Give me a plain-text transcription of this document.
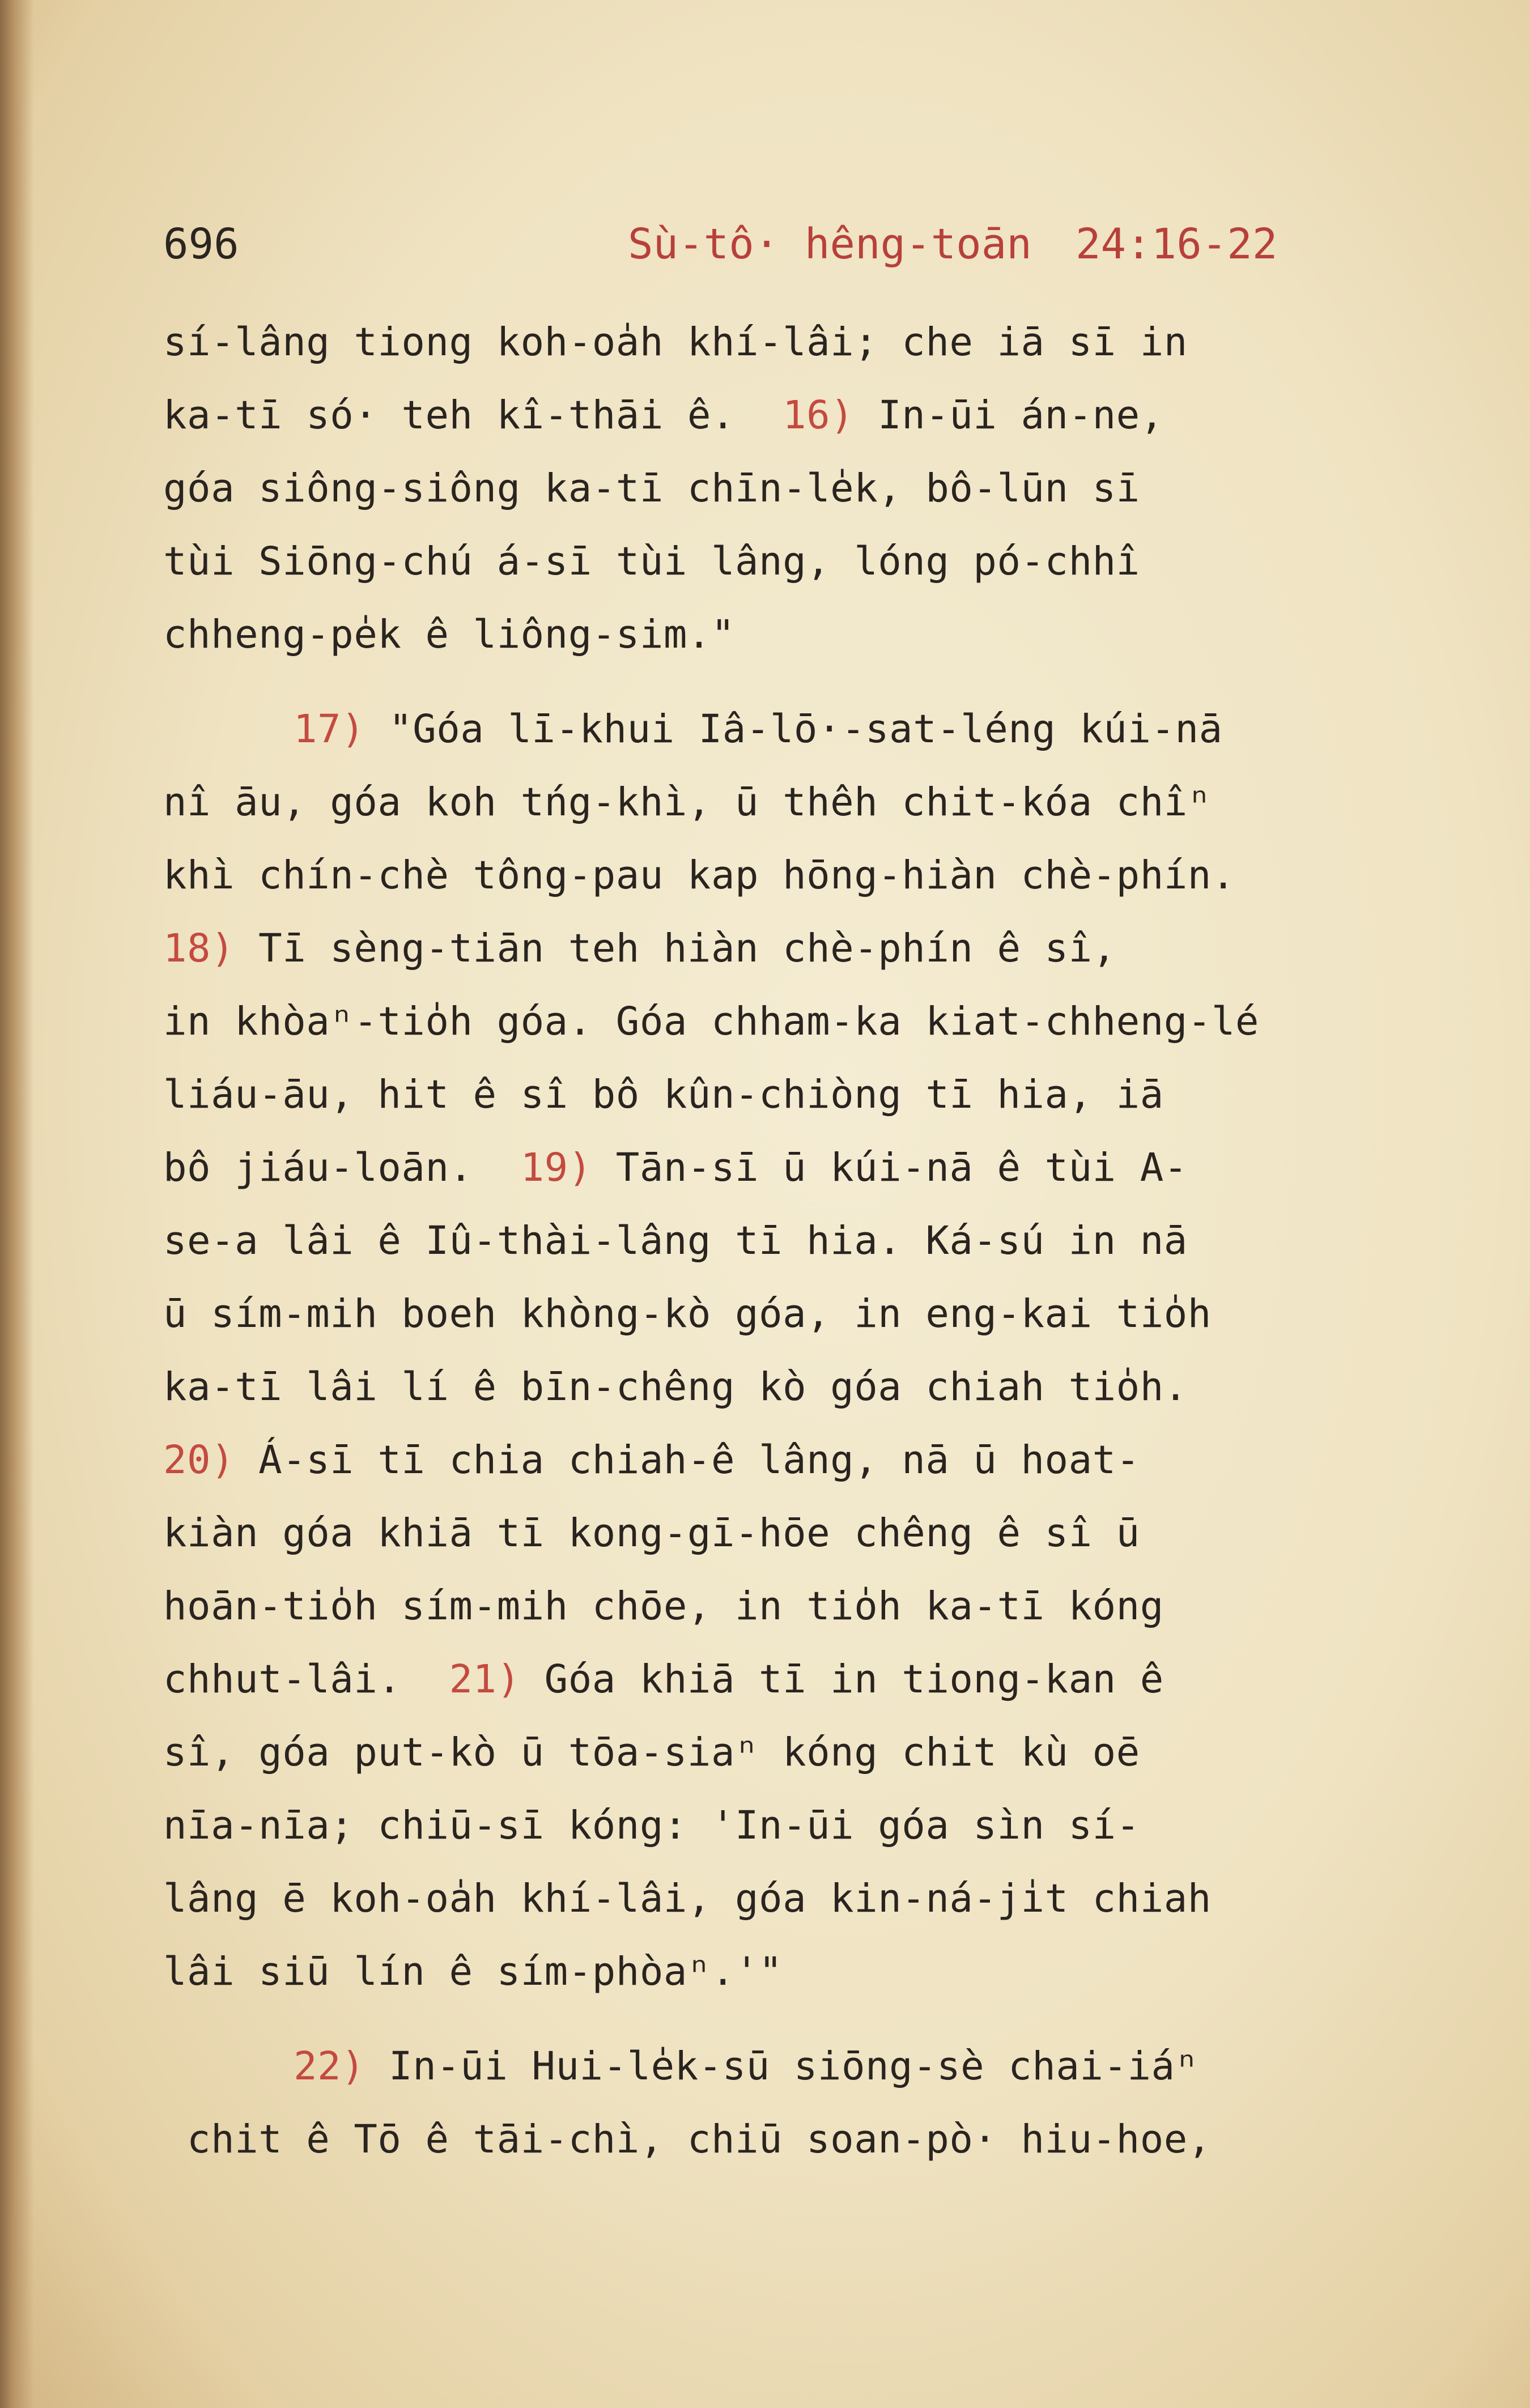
696	Sù-tô· hêng-toān 24:16-22
sí-lâng tiong koh-oa̍h khí-lâi; che iā sī in
ka-tī só· teh kî-thāi ê.  16) In-ūi án-ne,
góa siông-siông ka-tī chīn-le̍k, bô-lūn sī
tùi Siōng-chú á-sī tùi lâng, lóng pó-chhî
chheng-pe̍k ê liông-sim."
17) "Góa lī-khui Iâ-lō·-sat-léng kúi-nā
nî āu, góa koh tńg-khì, ū thêh chit-kóa chîⁿ
khì chín-chè tông-pau kap hōng-hiàn chè-phín.
18) Tī sèng-tiān teh hiàn chè-phín ê sî,
in khòaⁿ-tio̍h góa. Góa chham-ka kiat-chheng-lé
liáu-āu, hit ê sî bô kûn-chiòng tī hia, iā
bô jiáu-loān.  19) Tān-sī ū kúi-nā ê tùi A-
se-a lâi ê Iû-thài-lâng tī hia. Ká-sú in nā
ū sím-mih boeh khòng-kò góa, in eng-kai tio̍h
ka-tī lâi lí ê bīn-chêng kò góa chiah tio̍h.
20) Á-sī tī chia chiah-ê lâng, nā ū hoat-
kiàn góa khiā tī kong-gī-hōe chêng ê sî ū
hoān-tio̍h sím-mih chōe, in tio̍h ka-tī kóng
chhut-lâi.  21) Góa khiā tī in tiong-kan ê
sî, góa put-kò ū tōa-siaⁿ kóng chit kù oē
nīa-nīa; chiū-sī kóng: 'In-ūi góa sìn sí-
lâng ē koh-oa̍h khí-lâi, góa kin-ná-ji̍t chiah
lâi siū lín ê sím-phòaⁿ.'"
22) In-ūi Hui-le̍k-sū siōng-sè chai-iáⁿ
chit ê Tō ê tāi-chì, chiū soan-pò· hiu-hoe,
